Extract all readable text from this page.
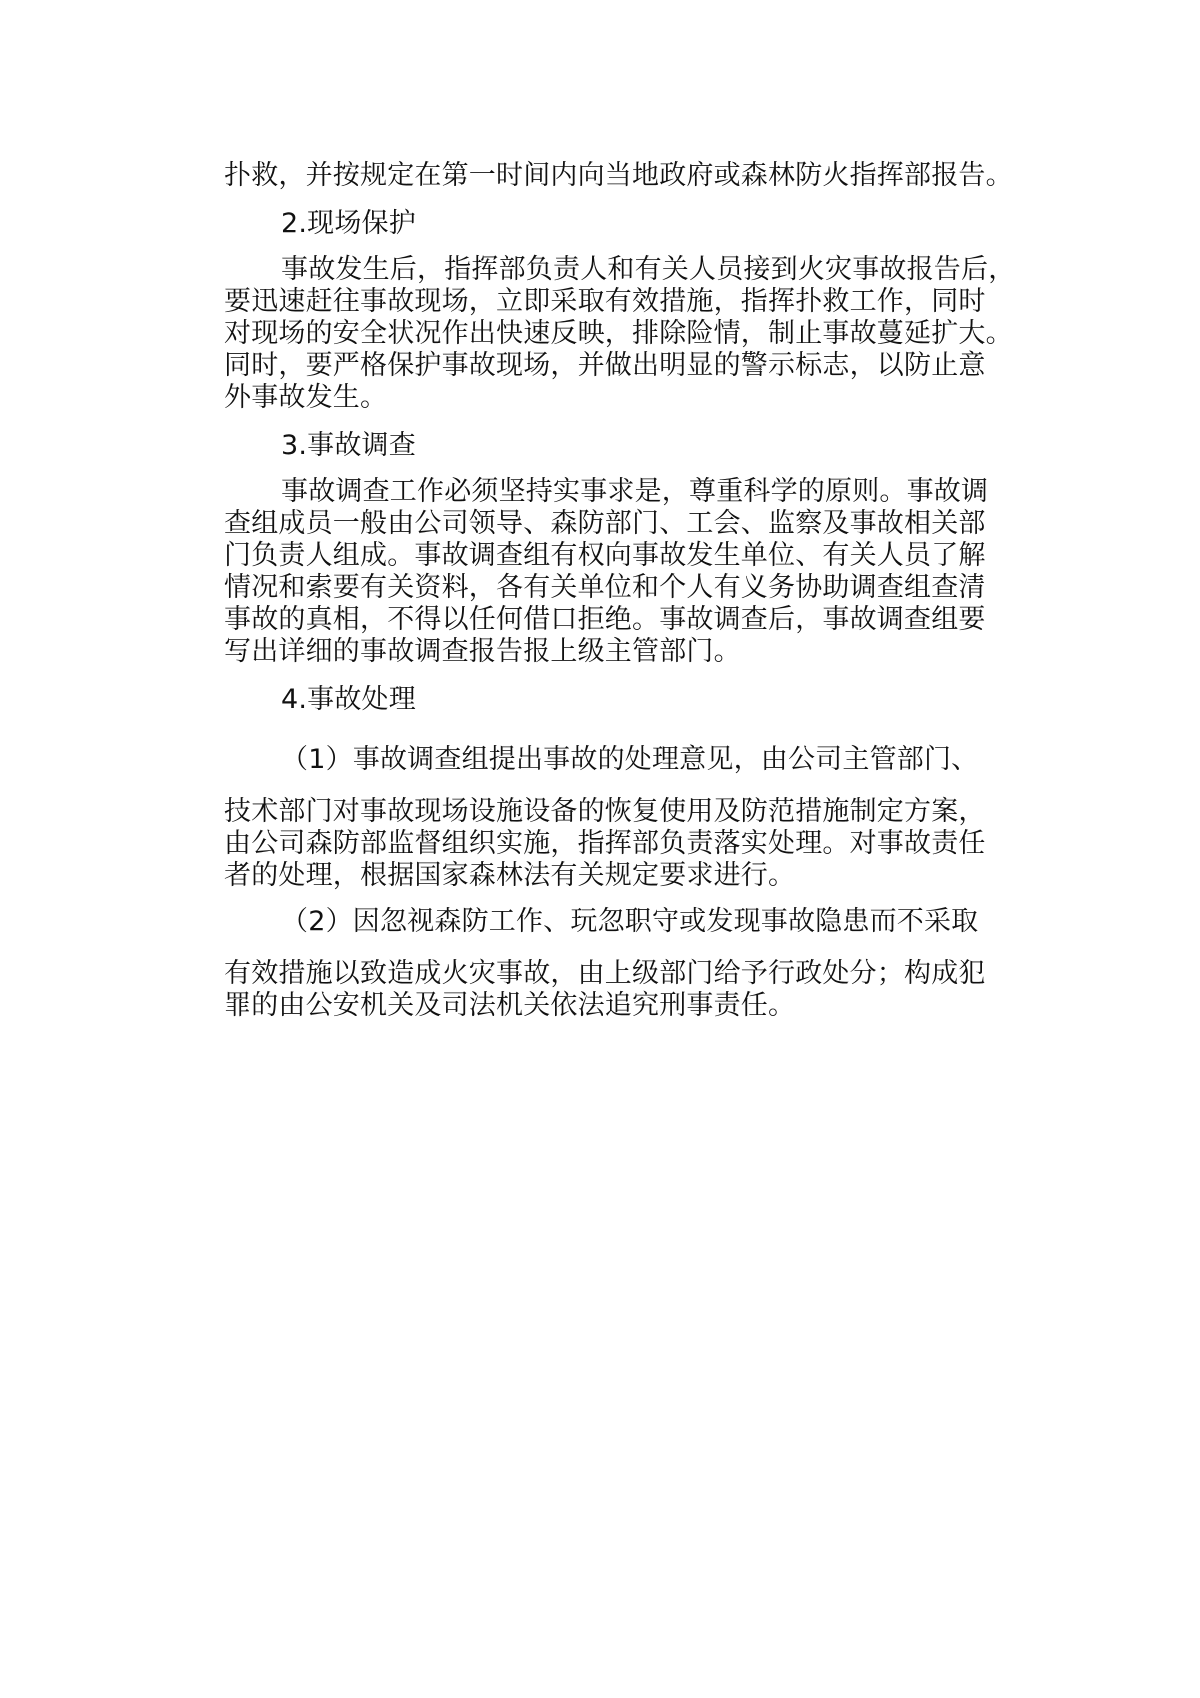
扑救，并按规定在第一时间内向当地政府或森林防火指挥部报告。
2.现场保护
事故发生后，指挥部负责人和有关人员接到火灾事故报告后，
要迅速赶往事故现场，立即采取有效措施，指挥扑救工作，同时
对现场的安全状况作出快速反映，排除险情，制止事故蔓延扩大。
同时，要严格保护事故现场，并做出明显的警示标志，以防止意
外事故发生。
3.事故调查
事故调查工作必须坚持实事求是，尊重科学的原则。事故调
查组成员一般由公司领导、森防部门、工会、监察及事故相关部
门负责人组成。事故调查组有权向事故发生单位、有关人员了解
情况和索要有关资料，各有关单位和个人有义务协助调查组查清
事故的真相，不得以任何借口拒绝。事故调查后，事故调查组要
写出详细的事故调查报告报上级主管部门。
4.事故处理
（1）事故调查组提出事故的处理意见，由公司主管部门、
技术部门对事故现场设施设备的恢复使用及防范措施制定方案，
由公司森防部监督组织实施，指挥部负责落实处理。对事故责任
者的处理，根据国家森林法有关规定要求进行。
（2）因忽视森防工作、玩忽职守或发现事故隐患而不采取
有效措施以致造成火灾事故，由上级部门给予行政处分；构成犯
罪的由公安机关及司法机关依法追究刑事责任。
